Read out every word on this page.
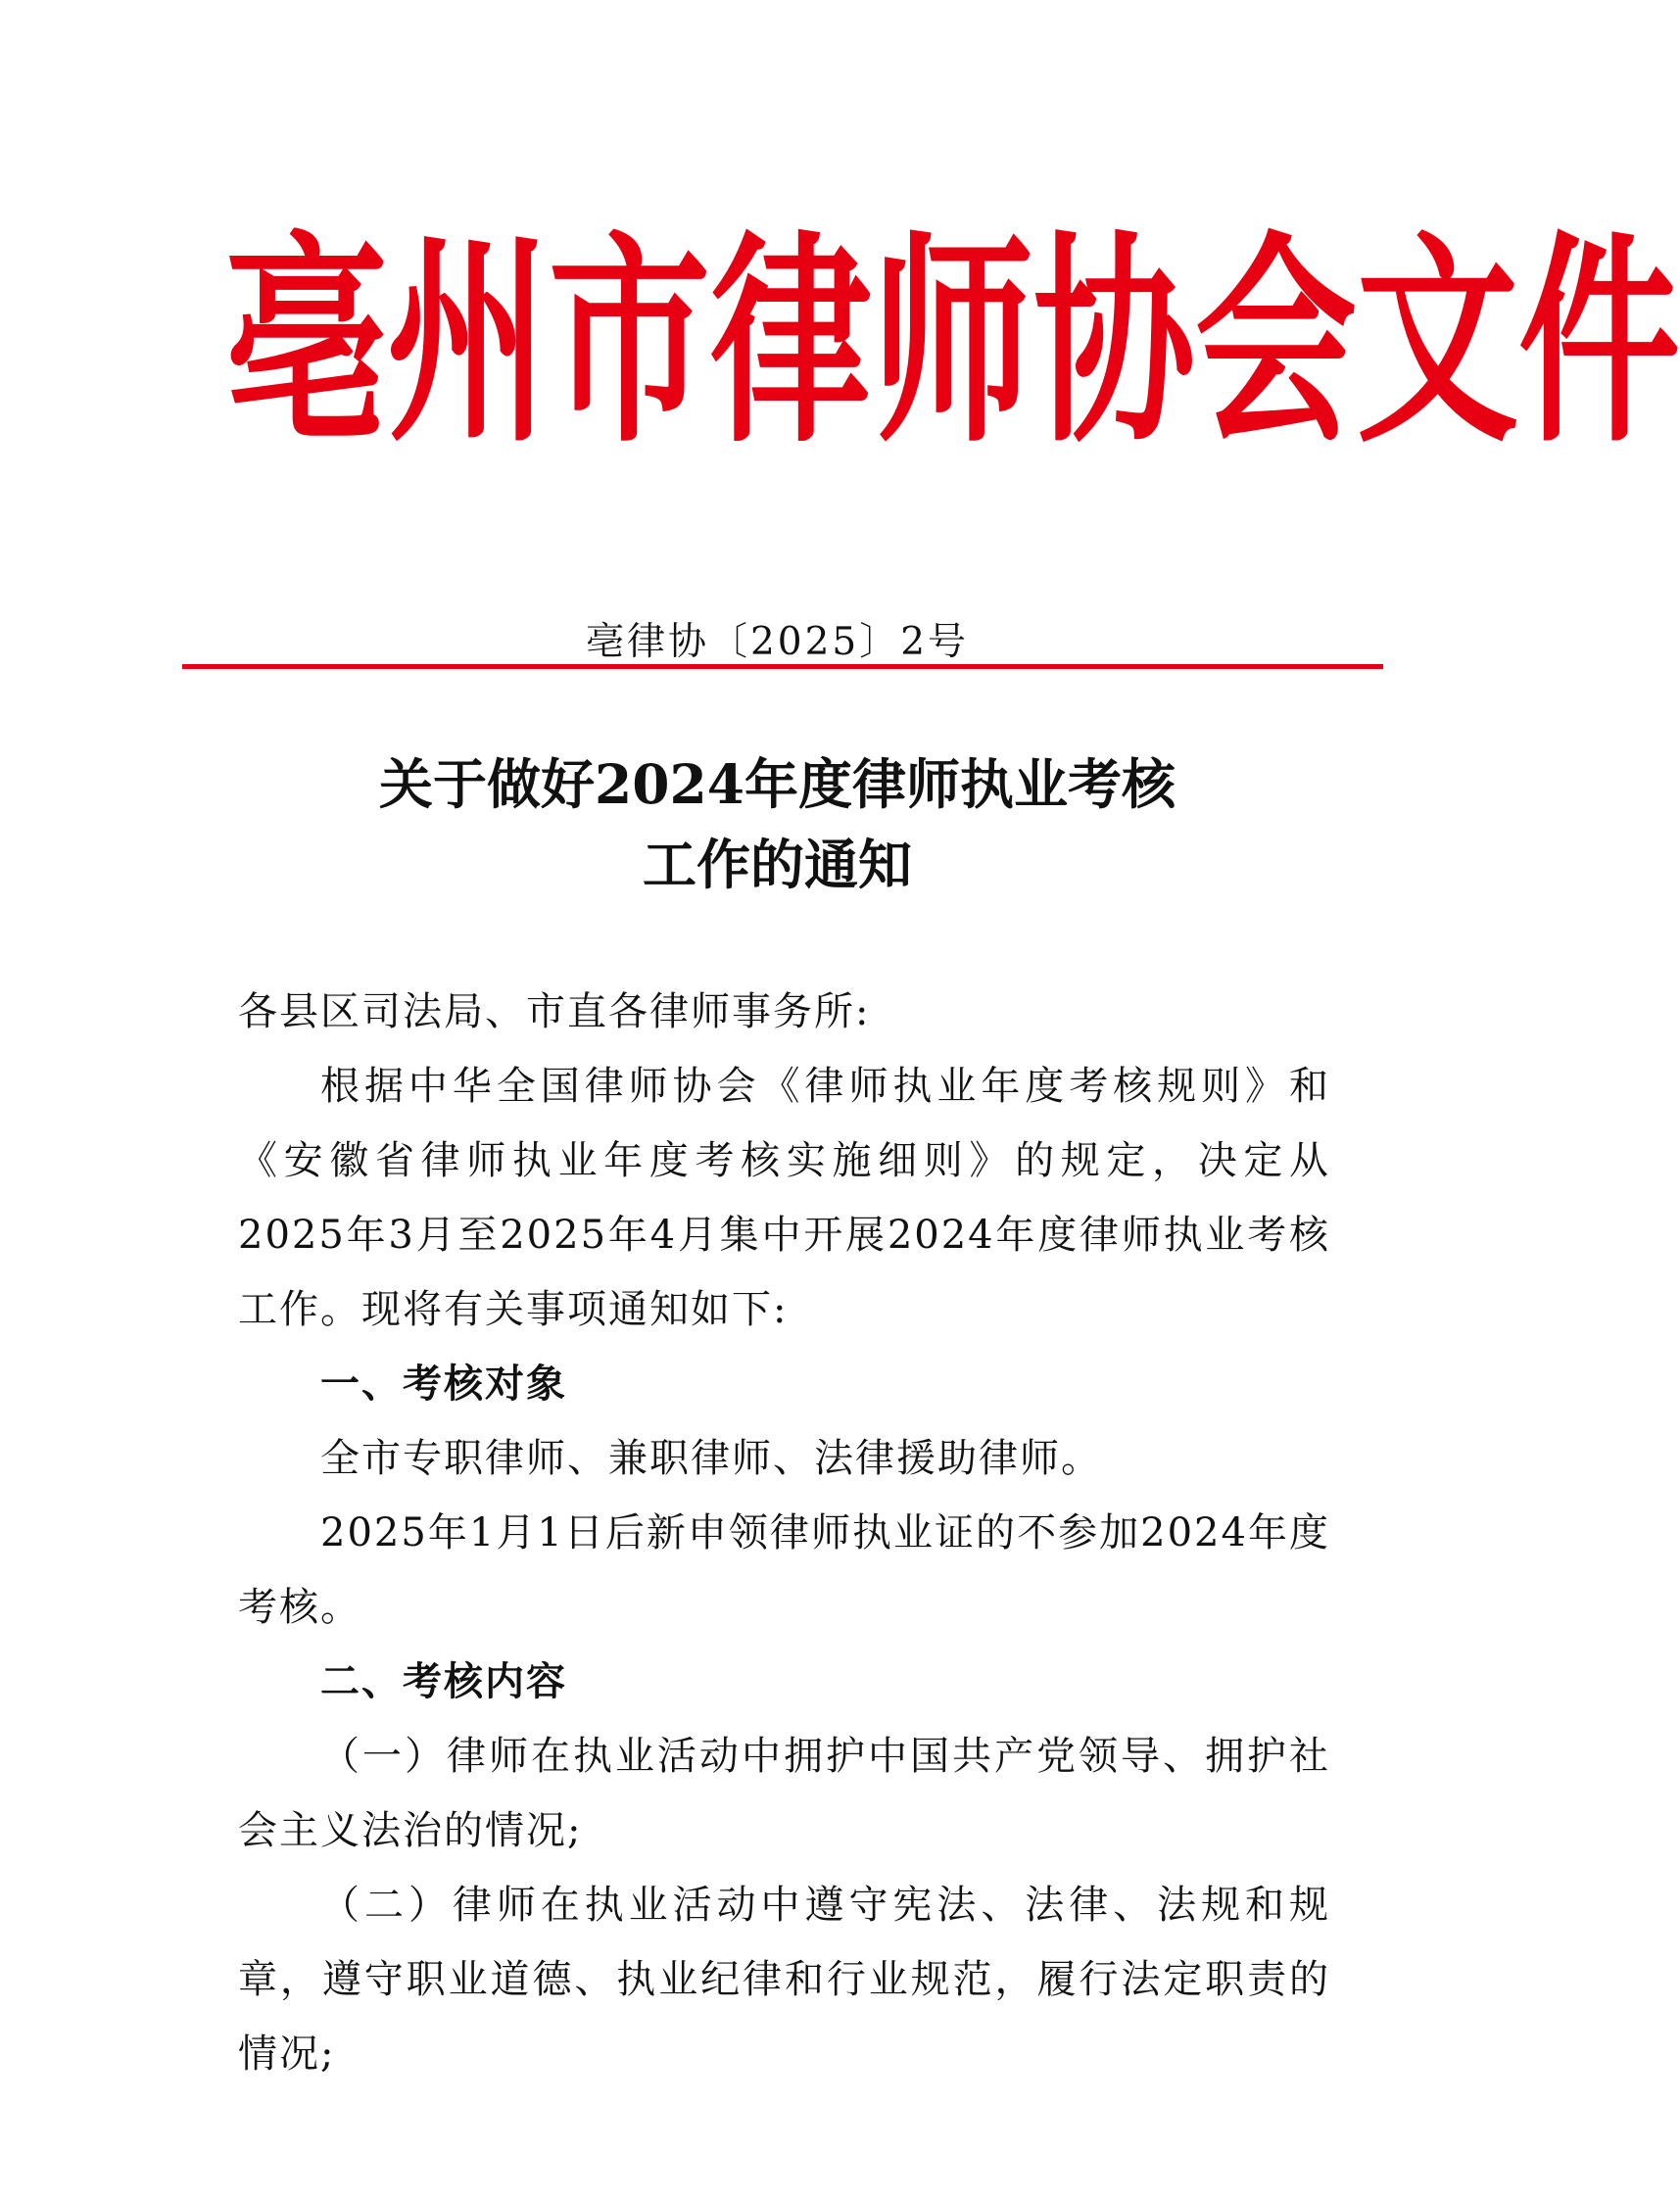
亳 州 市 律 师 协 会 文 件
亳律协〔2025〕2号
关于做好2024年度律师执业考核
工作的通知

各县区司法局、市直各律师事务所:

根据中华全国律师协会《律师执业年度考核规则》和《安徽省律师执业年度考核实施细则》的规定，决定从2025年3月至2025年4月集中开展2024年度律师执业考核工作。现将有关事项通知如下:

一、考核对象

全市专职律师、兼职律师、法律援助律师。

2025年1月1日后新申领律师执业证的不参加2024年度考核。

二、考核内容

（一）律师在执业活动中拥护中国共产党领导、拥护社会主义法治的情况;

（二）律师在执业活动中遵守宪法、法律、法规和规章，遵守职业道德、执业纪律和行业规范，履行法定职责的情况;
